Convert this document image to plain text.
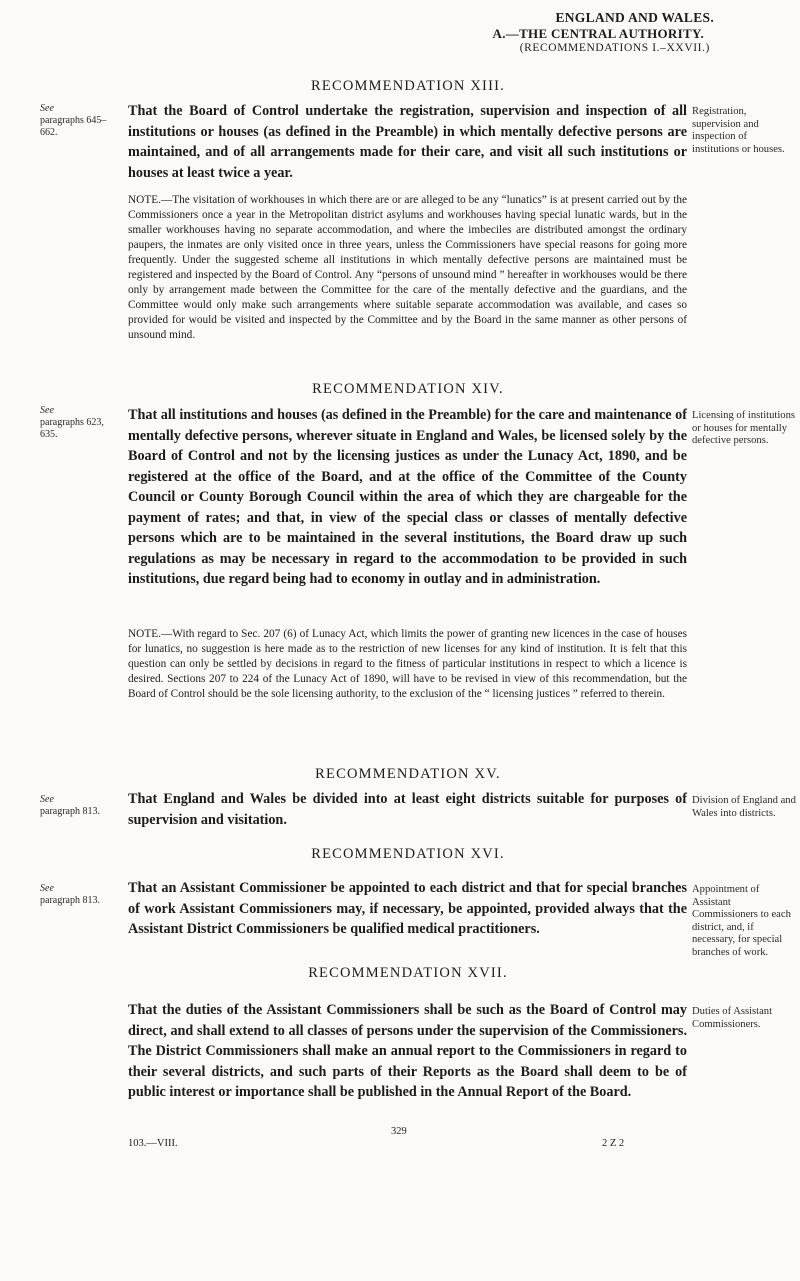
ENGLAND AND WALES.
A.—THE CENTRAL AUTHORITY.
(RECOMMENDATIONS I.–XXVII.)
RECOMMENDATION XIII.
See
paragraphs 645–662.
That the Board of Control undertake the registration, supervision and inspection of all institutions or houses (as defined in the Preamble) in which mentally defective persons are maintained, and of all arrangements made for their care, and visit all such institutions or houses at least twice a year.
Registration, supervision and inspection of institutions or houses.
NOTE.—The visitation of workhouses in which there are or are alleged to be any “lunatics” is at present carried out by the Commissioners once a year in the Metropolitan district asylums and workhouses having special lunatic wards, but in the smaller workhouses having no separate accommodation, and where the imbeciles are distributed amongst the ordinary paupers, the inmates are only visited once in three years, unless the Commissioners have special reasons for going more frequently. Under the suggested scheme all institutions in which mentally defective persons are maintained must be registered and inspected by the Board of Control. Any “persons of unsound mind ” hereafter in workhouses would be there only by arrangement made between the Committee for the care of the mentally defective and the guardians, and the Committee would only make such arrangements where suitable separate accommodation was available, and cases so provided for would be visited and inspected by the Committee and by the Board in the same manner as other persons of unsound mind.
RECOMMENDATION XIV.
See
paragraphs 623, 635.
That all institutions and houses (as defined in the Preamble) for the care and maintenance of mentally defective persons, wherever situate in England and Wales, be licensed solely by the Board of Control and not by the licensing justices as under the Lunacy Act, 1890, and be registered at the office of the Board, and at the office of the Committee of the County Council or County Borough Council within the area of which they are chargeable for the payment of rates; and that, in view of the special class or classes of mentally defective persons which are to be maintained in the several institutions, the Board draw up such regulations as may be necessary in regard to the accommodation to be provided in such institutions, due regard being had to economy in outlay and in administration.
Licensing of institutions or houses for mentally defective persons.
NOTE.—With regard to Sec. 207 (6) of Lunacy Act, which limits the power of granting new licences in the case of houses for lunatics, no suggestion is here made as to the restriction of new licenses for any kind of institution. It is felt that this question can only be settled by decisions in regard to the fitness of particular institutions in respect to which a licence is desired. Sections 207 to 224 of the Lunacy Act of 1890, will have to be revised in view of this recommendation, but the Board of Control should be the sole licensing authority, to the exclusion of the “ licensing justices ” referred to therein.
RECOMMENDATION XV.
See
paragraph 813.
That England and Wales be divided into at least eight districts suitable for purposes of supervision and visitation.
Division of England and Wales into districts.
RECOMMENDATION XVI.
See
paragraph 813.
That an Assistant Commissioner be appointed to each district and that for special branches of work Assistant Commissioners may, if necessary, be appointed, provided always that the Assistant District Commissioners be qualified medical practitioners.
Appointment of Assistant Commissioners to each district, and, if necessary, for special branches of work.
RECOMMENDATION XVII.
That the duties of the Assistant Commissioners shall be such as the Board of Control may direct, and shall extend to all classes of persons under the supervision of the Commissioners. The District Commissioners shall make an annual report to the Commissioners in regard to their several districts, and such parts of their Reports as the Board shall deem to be of public interest or importance shall be published in the Annual Report of the Board.
Duties of Assistant Commissioners.
103.—VIII.
329
2 Z 2
